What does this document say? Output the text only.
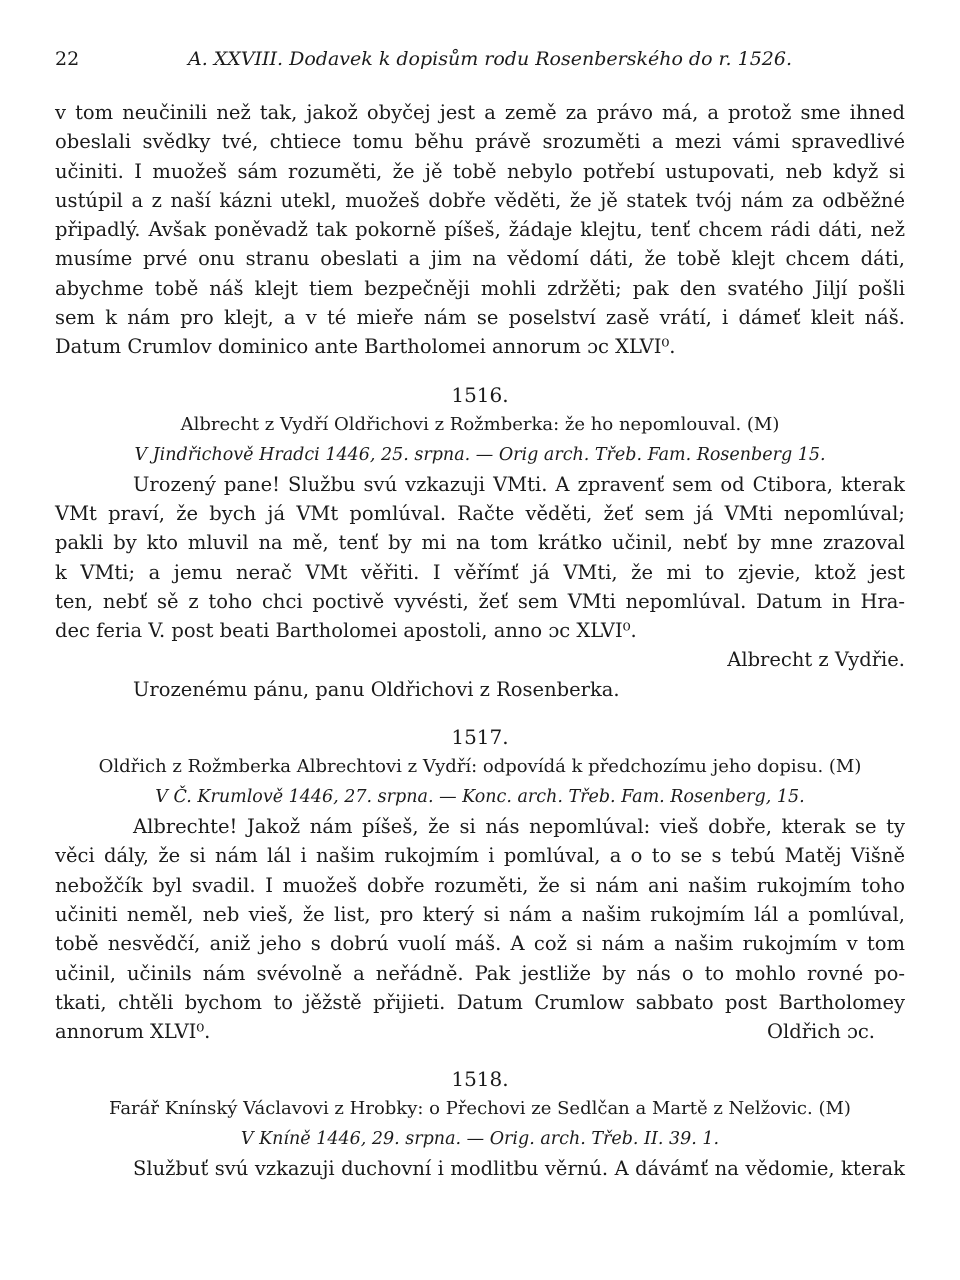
22	A. XXVIII. Dodavek k dopisům rodu Rosenberského do r. 1526.
v tom neučinili než tak, jakož obyčej jest a země za právo má, a protož sme ihned
obeslali svědky tvé, chtiece tomu běhu právě srozuměti a mezi vámi spravedlivé
učiniti. I muožeš sám rozuměti, že jě tobě nebylo potřebí ustupovati, neb když si
ustúpil a z naší kázni utekl, muožeš dobře věděti, že jě statek tvój nám za odběžné
připadlý. Avšak poněvadž tak pokorně píšeš, žádaje klejtu, tenť chcem rádi dáti, než
musíme prvé onu stranu obeslati a jim na vědomí dáti, že tobě klejt chcem dáti,
abychme tobě náš klejt tiem bezpečněji mohli zdržěti; pak den svatého Jiljí pošli
sem k nám pro klejt, a v té mieře nám se poselství zasě vrátí, i dámeť kleit náš.
Datum Crumlov dominico ante Bartholomei annorum ɔc XLVI⁰.
1516.
Albrecht z Vydří Oldřichovi z Rožmberka: že ho nepomlouval. (M)
V Jindřichově Hradci 1446, 25. srpna. — Orig arch. Třeb. Fam. Rosenberg 15.
Urozený pane! Službu svú vzkazuji VMti. A zpravenť sem od Ctibora, kterak
VMt praví, že bych já VMt pomlúval. Račte věděti, žeť sem já VMti nepomlúval;
pakli by kto mluvil na mě, tenť by mi na tom krátko učinil, nebť by mne zrazoval
k VMti; a jemu nerač VMt věřiti. I věřímť já VMti, že mi to zjevie, ktož jest
ten, nebť sě z toho chci poctivě vyvésti, žeť sem VMti nepomlúval. Datum in Hra-
dec feria V. post beati Bartholomei apostoli, anno ɔc XLVI⁰.
Albrecht z Vydřie.
Urozenému pánu, panu Oldřichovi z Rosenberka.
1517.
Oldřich z Rožmberka Albrechtovi z Vydří: odpovídá k předchozímu jeho dopisu. (M)
V Č. Krumlově 1446, 27. srpna. — Konc. arch. Třeb. Fam. Rosenberg, 15.
Albrechte! Jakož nám píšeš, že si nás nepomlúval: vieš dobře, kterak se ty
věci dály, že si nám lál i našim rukojmím i pomlúval, a o to se s tebú Matěj Višně
nebožčík byl svadil. I muožeš dobře rozuměti, že si nám ani našim rukojmím toho
učiniti neměl, neb vieš, že list, pro který si nám a našim rukojmím lál a pomlúval,
tobě nesvědčí, aniž jeho s dobrú vuolí máš. A což si nám a našim rukojmím v tom
učinil, učinils nám svévolně a neřádně. Pak jestliže by nás o to mohlo rovné po-
tkati, chtěli bychom to jěžstě přijieti. Datum Crumlow sabbato post Bartholomey
annorum XLVI⁰.	Oldřich ɔc.
1518.
Farář Knínský Václavovi z Hrobky: o Přechovi ze Sedlčan a Martě z Nelžovic. (M)
V Kníně 1446, 29. srpna. — Orig. arch. Třeb. II. 39. 1.
Službuť svú vzkazuji duchovní i modlitbu věrnú. A dávámť na vědomie, kterak
